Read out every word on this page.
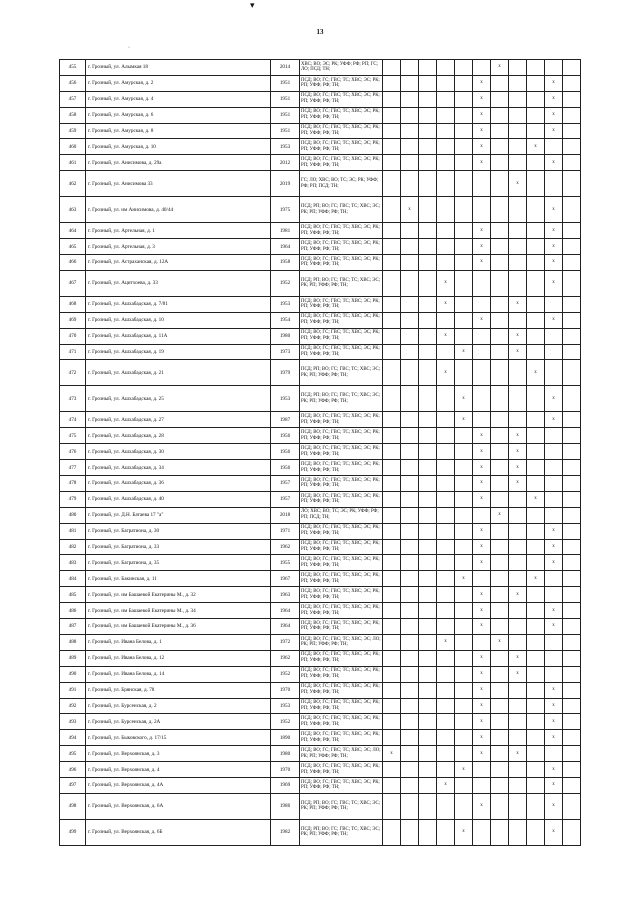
▾
·
13
455	г. Грозный, ул. Алымкая 18	2014	ХВС; ВО; ЭС; РК; УФФ; РФ; РП; ГС; ЛО; ПСД; ТН;							x				
456	г. Грозный, ул. Амурская, д. 2	1951	ПСД; ВО; ГС; ГВС; ТС; ХВС; ЭС; РК; РП; УФФ; РФ; ТН;						x				x	
457	г. Грозный, ул. Амурская, д. 4	1951	ПСД; ВО; ГС; ГВС; ТС; ХВС; ЭС; РК; РП; УФФ; РФ; ТН;						x				x	
458	г. Грозный, ул. Амурская, д. 6	1951	ПСД; ВО; ГС; ГВС; ТС; ХВС; ЭС; РК; РП; УФФ; РФ; ТН;						x				x	
459	г. Грозный, ул. Амурская, д. 8	1951	ПСД; ВО; ГС; ГВС; ТС; ХВС; ЭС; РК; РП; УФФ; РФ; ТН;						x				x	
460	г. Грозный, ул. Амурская, д. 10	1953	ПСД; ВО; ГС; ГВС; ТС; ХВС; ЭС; РК; РП; УФФ; РФ; ТН;						x			x		
461	г. Грозный, ул. Анисимова, д. 29а	2012	ПСД; ВО; ГС; ГВС; ТС; ХВС; ЭС; РК; РП; УФФ; РФ; ТН;						x				x	
462	г. Грозный, ул. Анисимова 33	2019	ГС; ЛО; ХВС; ВО; ТС; ЭС; РК; УФФ; РФ; РП; ПСД; ТН;								x			
463	г. Грозный, ул. им Анисимова, д. 40/44	1975	ПСД; РП; ВО; ГС; ГВС; ТС; ХВС; ЭС; РК; РП; УФФ; РФ; ТН;		x								x	
464	г. Грозный, ул. Артельная, д. 1	1981	ПСД; ВО; ГС; ГВС; ТС; ХВС; ЭС; РК; РП; УФФ; РФ; ТН;						x				x	
465	г. Грозный, ул. Артельная, д. 3	1964	ПСД; ВО; ГС; ГВС; ТС; ХВС; ЭС; РК; РП; УФФ; РФ; ТН;						x				x	
466	г. Грозный, ул. Астраханская, д. 12А	1958	ПСД; ВО; ГС; ГВС; ТС; ХВС; ЭС; РК; РП; УФФ; РФ; ТН;						x				x	
467	г. Грозный, ул. Ацитхоева, д. 33	1952	ПСД; РП; ВО; ГС; ГВС; ТС; ХВС; ЭС; РК; РП; УФФ; РФ; ТН;				x						x	
468	г. Грозный, ул. Ашхабадская, д. 7/81	1953	ПСД; ВО; ГС; ГВС; ТС; ХВС; ЭС; РК; РП; УФФ; РФ; ТН;				x				x			
469	г. Грозный, ул. Ашхабадская, д. 10	1954	ПСД; ВО; ГС; ГВС; ТС; ХВС; ЭС; РК; РП; УФФ; РФ; ТН;						x				x	
470	г. Грозный, ул. Ашхабадская, д. 11А	1980	ПСД; ВО; ГС; ГВС; ТС; ХВС; ЭС; РК; РП; УФФ; РФ; ТН;				x				x			
471	г. Грозный, ул. Ашхабадская, д. 19	1973	ПСД; ВО; ГС; ГВС; ТС; ХВС; ЭС; РК; РП; УФФ; РФ; ТН;					x			x			
472	г. Грозный, ул. Ашхабадская, д. 21	1979	ПСД; РП; ВО; ГС; ГВС; ТС; ХВС; ЭС; РК; РП; УФФ; РФ; ТН;				x					x		
473	г. Грозный, ул. Ашхабадская, д. 25	1953	ПСД; РП; ВО; ГС; ГВС; ТС; ХВС; ЭС; РК; РП; УФФ; РФ; ТН;					x					x	
474	г. Грозный, ул. Ашхабадская, д. 27	1987	ПСД; ВО; ГС; ГВС; ТС; ХВС; ЭС; РК; РП; УФФ; РФ; ТН;					x					x	
475	г. Грозный, ул. Ашхабадская, д. 28	1956	ПСД; ВО; ГС; ГВС; ТС; ХВС; ЭС; РК; РП; УФФ; РФ; ТН;						x		x			
476	г. Грозный, ул. Ашхабадская, д. 30	1956	ПСД; ВО; ГС; ГВС; ТС; ХВС; ЭС; РК; РП; УФФ; РФ; ТН;						x		x			
477	г. Грозный, ул. Ашхабадская, д. 34	1956	ПСД; ВО; ГС; ГВС; ТС; ХВС; ЭС; РК; РП; УФФ; РФ; ТН;						x		x			
478	г. Грозный, ул. Ашхабадская, д. 36	1957	ПСД; ВО; ГС; ГВС; ТС; ХВС; ЭС; РК; РП; УФФ; РФ; ТН;						x		x			
479	г. Грозный, ул. Ашхабадская, д. 40	1957	ПСД; ВО; ГС; ГВС; ТС; ХВС; ЭС; РК; РП; УФФ; РФ; ТН;						x			x		
480	г. Грозный, ул. Д.Н. Батаева 17 "а"	2018	ЛО; ХВС; ВО; ТС; ЭС; РК; УФФ; РФ; РП; ПСД; ТН;							x				
481	г. Грозный, ул. Багратиона, д. 30	1971	ПСД; ВО; ГС; ГВС; ТС; ХВС; ЭС; РК; РП; УФФ; РФ; ТН;						x				x	
482	г. Грозный, ул. Багратиона, д. 33	1962	ПСД; ВО; ГС; ГВС; ТС; ХВС; ЭС; РК; РП; УФФ; РФ; ТН;						x				x	
483	г. Грозный, ул. Багратиона, д. 35	1955	ПСД; ВО; ГС; ГВС; ТС; ХВС; ЭС; РК; РП; УФФ; РФ; ТН;						x				x	
484	г. Грозный, ул. Бакинская, д. 11	1967	ПСД; ВО; ГС; ГВС; ТС; ХВС; ЭС; РК; РП; УФФ; РФ; ТН;					x				x		
485	г. Грозный, ул. им Башаевой Екатерины М., д. 32	1963	ПСД; ВО; ГС; ГВС; ТС; ХВС; ЭС; РК; РП; УФФ; РФ; ТН;						x		x			
486	г. Грозный, ул. им Башаевой Екатерины М., д. 34	1964	ПСД; ВО; ГС; ГВС; ТС; ХВС; ЭС; РК; РП; УФФ; РФ; ТН;						x				x	
487	г. Грозный, ул. им Башаевой Екатерины М., д. 36	1964	ПСД; ВО; ГС; ГВС; ТС; ХВС; ЭС; РК; РП; УФФ; РФ; ТН;						x				x	
488	г. Грозный, ул. Ивана Белова, д. 1	1972	ПСД; ВО; ГС; ГВС; ТС; ХВС; ЭС; ЛО; РК; РП; УФФ; РФ; ТН;				x			x				
489	г. Грозный, ул. Ивана Белова, д. 12	1962	ПСД; ВО; ГС; ГВС; ТС; ХВС; ЭС; РК; РП; УФФ; РФ; ТН;						x		x			
490	г. Грозный, ул. Ивана Белова, д. 14	1952	ПСД; ВО; ГС; ГВС; ТС; ХВС; ЭС; РК; РП; УФФ; РФ; ТН;						x		x			
491	г. Грозный, ул. Брянская, д. 78	1970	ПСД; ВО; ГС; ГВС; ТС; ХВС; ЭС; РК; РП; УФФ; РФ; ТН;						x				x	
492	г. Грозный, ул. Бурсенская, д. 2	1953	ПСД; ВО; ГС; ГВС; ТС; ХВС; ЭС; РК; РП; УФФ; РФ; ТН;						x				x	
493	г. Грозный, ул. Бурсенская, д. 2А	1952	ПСД; ВО; ГС; ГВС; ТС; ХВС; ЭС; РК; РП; УФФ; РФ; ТН;						x				x	
494	г. Грозный, ул. Быковского, д. 17/15	1890	ПСД; ВО; ГС; ГВС; ТС; ХВС; ЭС; РК; РП; УФФ; РФ; ТН;						x				x	
495	г. Грозный, ул. Верхоянская, д. 3	1980	ПСД; ВО; ГС; ГВС; ТС; ХВС; ЭС; ЛО; РК; РП; УФФ; РФ; ТН;	x					x		x			
496	г. Грозный, ул. Верхоянская, д. 4	1970	ПСД; ВО; ГС; ГВС; ТС; ХВС; ЭС; РК; РП; УФФ; РФ; ТН;					x					x	
497	г. Грозный, ул. Верхоянская, д. 4А	1969	ПСД; ВО; ГС; ГВС; ТС; ХВС; ЭС; РК; РП; УФФ; РФ; ТН;				x						x	
498	г. Грозный, ул. Верхоянская, д. 6А	1986	ПСД; РП; ВО; ГС; ГВС; ТС; ХВС; ЭС; РК; РП; УФФ; РФ; ТН;						x				x	
499	г. Грозный, ул. Верхоянская, д. 6Б	1982	ПСД; РП; ВО; ГС; ГВС; ТС; ХВС; ЭС; РК; РП; УФФ; РФ; ТН;					x					x	
